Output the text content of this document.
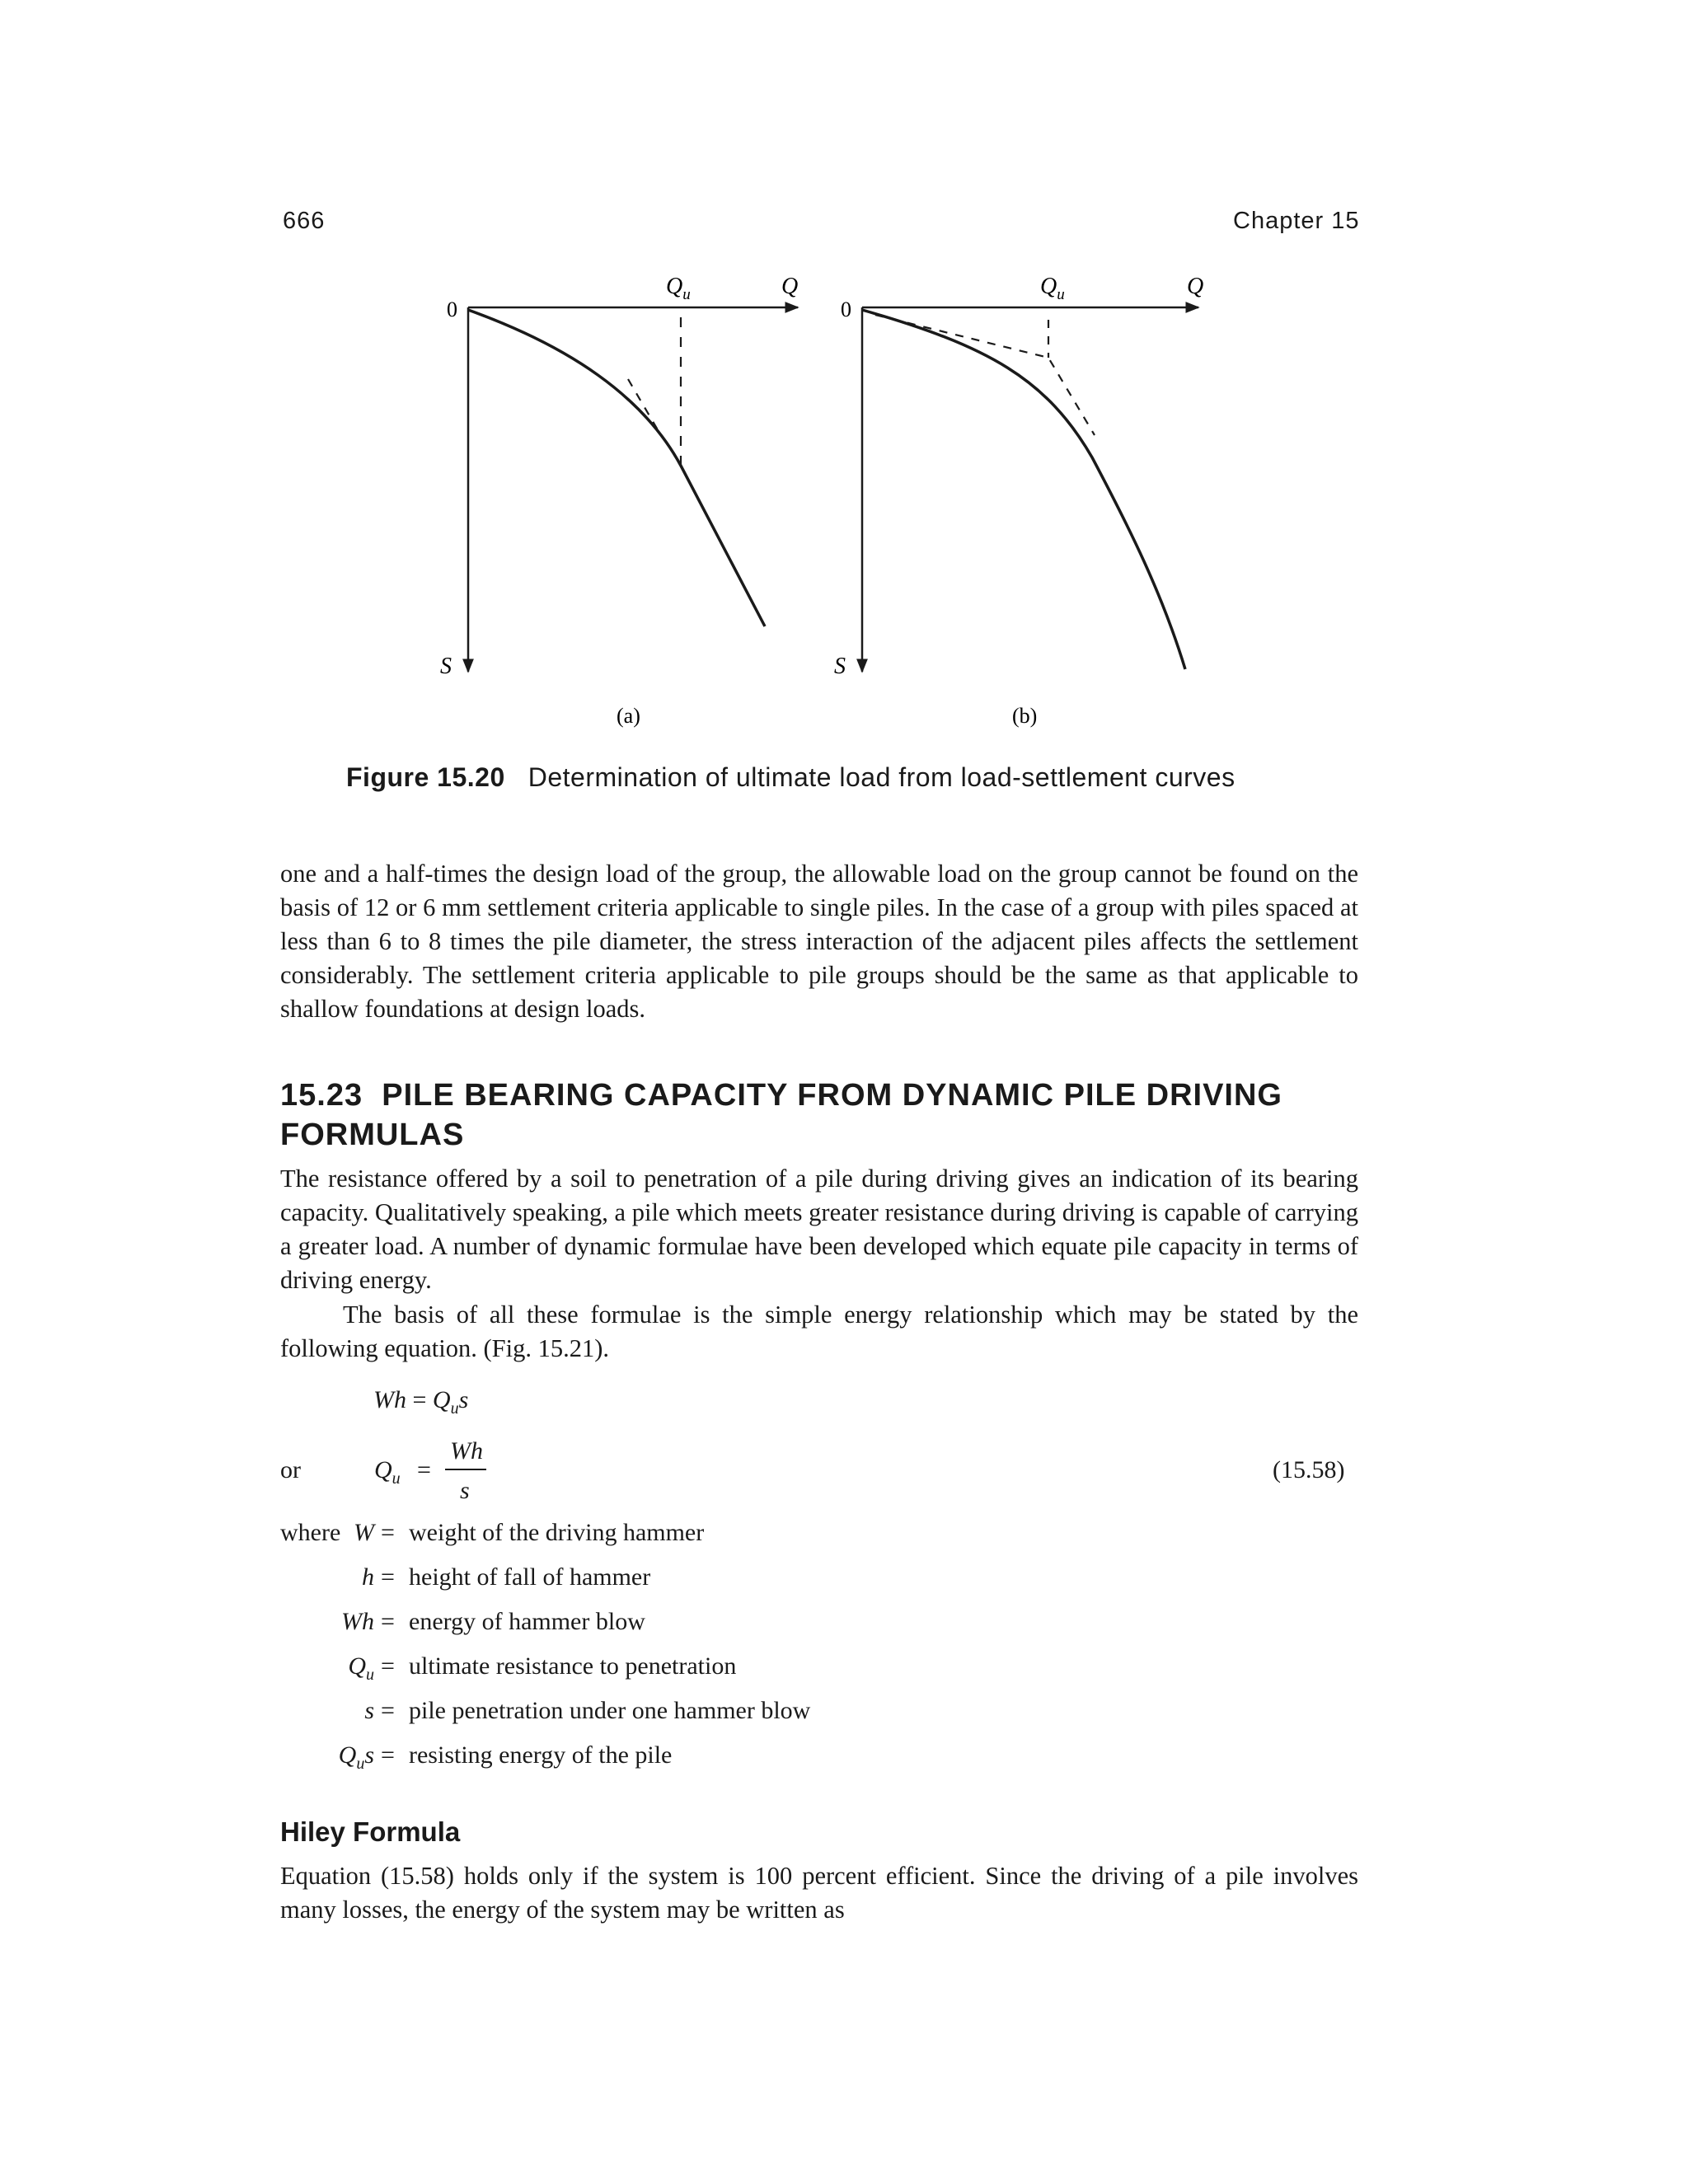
666	Chapter 15
0
$Q_u$	Q
S
(a)
0
$Q_u$	Q
S
(b)
Figure 15.20 Determination of ultimate load from load-settlement curves
one and a half-times the design load of the group, the allowable load on the group cannot be found on the basis of 12 or 6 mm settlement criteria applicable to single piles. In the case of a group with piles spaced at less than 6 to 8 times the pile diameter, the stress interaction of the adjacent piles affects the settlement considerably. The settlement criteria applicable to pile groups should be the same as that applicable to shallow foundations at design loads.
15.23 PILE BEARING CAPACITY FROM DYNAMIC PILE DRIVING FORMULAS
The resistance offered by a soil to penetration of a pile during driving gives an indication of its bearing capacity. Qualitatively speaking, a pile which meets greater resistance during driving is capable of carrying a greater load. A number of dynamic formulae have been developed which equate pile capacity in terms of driving energy.
The basis of all these formulae is the simple energy relationship which may be stated by the following equation. (Fig. 15.21).
$Wh = Q_us$
or	$Q_u$ =
Wh
s
(15.58)
where W = weight of the driving hammer
h = height of fall of hammer
Wh = energy of hammer blow
$Q_u$ = ultimate resistance to penetration
s = pile penetration under one hammer blow
$Q_us$ = resisting energy of the pile
Hiley Formula
Equation (15.58) holds only if the system is 100 percent efficient. Since the driving of a pile involves many losses, the energy of the system may be written as
